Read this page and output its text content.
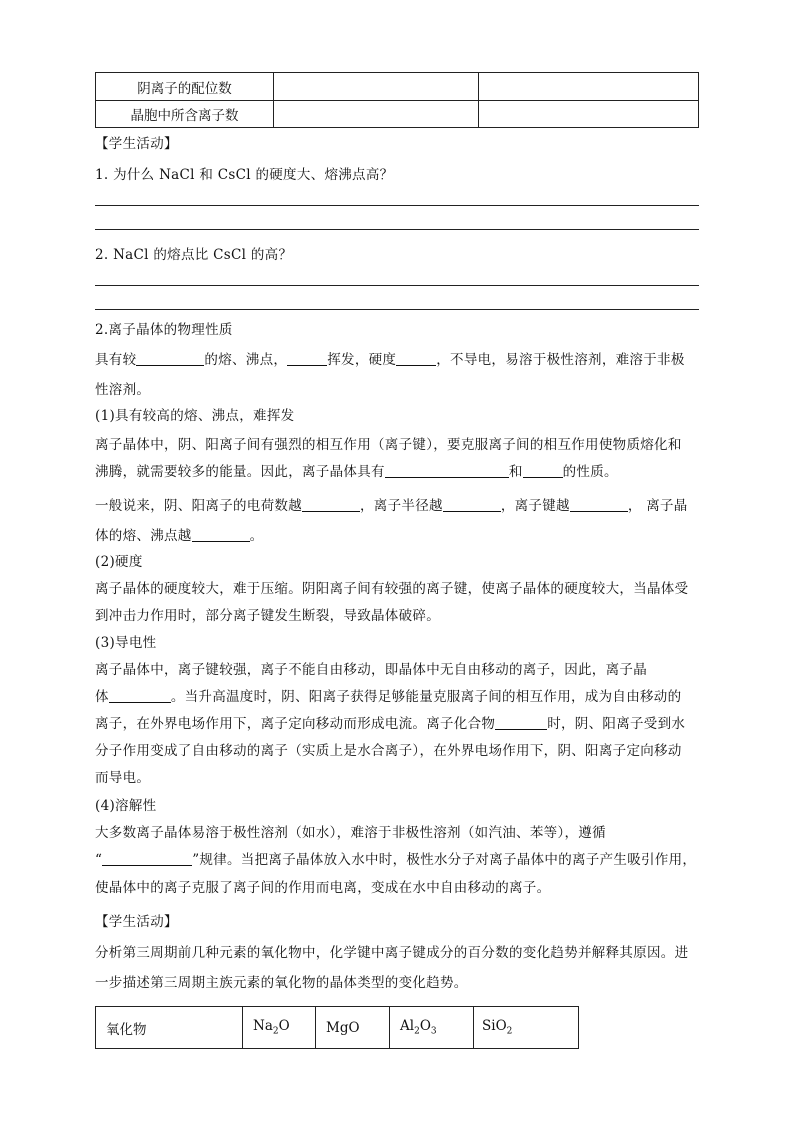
阴离子的配位数		
晶胞中所含离子数		
【学生活动】
1. 为什么 NaCl 和 CsCl 的硬度大、熔沸点高？
2. NaCl 的熔点比 CsCl 的高？
2.离子晶体的物理性质
具有较	的熔、沸点，	挥发，硬度	，不导电，易溶于极性溶剂，难溶于非极
性溶剂。
(1)具有较高的熔、沸点，难挥发
离子晶体中，阴、阳离子间有强烈的相互作用（离子键），要克服离子间的相互作用使物质熔化和
沸腾，就需要较多的能量。因此，离子晶体具有	和	的性质。
一般说来，阴、阳离子的电荷数越	，离子半径越	，离子键越	， 离子晶
体的熔、沸点越	。
(2)硬度
离子晶体的硬度较大，难于压缩。阴阳离子间有较强的离子键，使离子晶体的硬度较大，当晶体受
到冲击力作用时，部分离子键发生断裂，导致晶体破碎。
(3)导电性
离子晶体中，离子键较强，离子不能自由移动，即晶体中无自由移动的离子，因此，离子晶
体	。当升高温度时，阴、阳离子获得足够能量克服离子间的相互作用，成为自由移动的
离子，在外界电场作用下，离子定向移动而形成电流。离子化合物	时，阴、阳离子受到水
分子作用变成了自由移动的离子（实质上是水合离子），在外界电场作用下，阴、阳离子定向移动
而导电。
(4)溶解性
大多数离子晶体易溶于极性溶剂（如水），难溶于非极性溶剂（如汽油、苯等），遵循
“	”规律。当把离子晶体放入水中时，极性水分子对离子晶体中的离子产生吸引作用，
使晶体中的离子克服了离子间的作用而电离，变成在水中自由移动的离子。
【学生活动】
分析第三周期前几种元素的氧化物中，化学键中离子键成分的百分数的变化趋势并解释其原因。进
一步描述第三周期主族元素的氧化物的晶体类型的变化趋势。
氧化物	$Na_2O$	MgO	$Al_2O_3$	SiO$_2$
